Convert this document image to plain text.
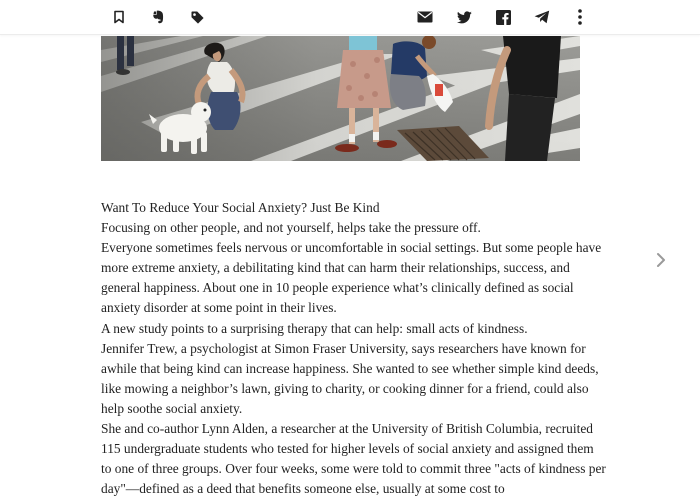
Want To Reduce Your Social Anxiety? Just Be Kind

Focusing on other people, and not yourself, helps take the pressure off.

Everyone sometimes feels nervous or uncomfortable in social settings. But some people have more extreme anxiety, a debilitating kind that can harm their relationships, success, and general happiness. About one in 10 people experience what’s clinically defined as social anxiety disorder at some point in their lives.

A new study points to a surprising therapy that can help: small acts of kindness.

Jennifer Trew, a psychologist at Simon Fraser University, says researchers have known for awhile that being kind can increase happiness. She wanted to see whether simple kind deeds, like mowing a neighbor’s lawn, giving to charity, or cooking dinner for a friend, could also help soothe social anxiety.

She and co-author Lynn Alden, a researcher at the University of British Columbia, recruited 115 undergraduate students who tested for higher levels of social anxiety and assigned them to one of three groups. Over four weeks, some were told to commit three "acts of kindness per day"—defined as a deed that benefits someone else, usually at some cost to
